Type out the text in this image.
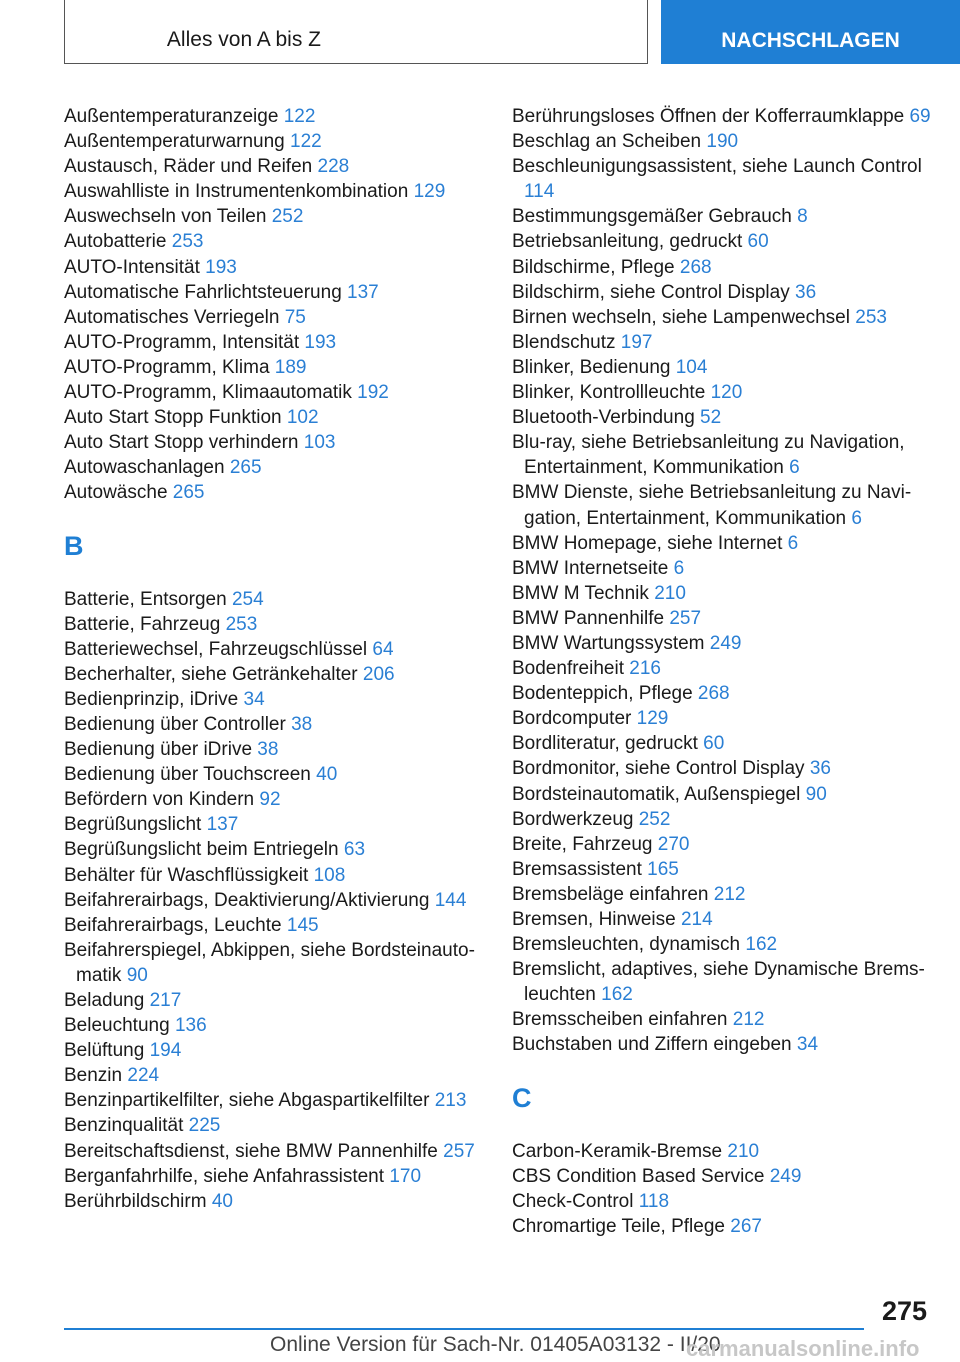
Alles von A bis Z	NACHSCHLAGEN
Außentemperaturanzeige 122
Außentemperaturwarnung 122
Austausch, Räder und Reifen 228
Auswahlliste in Instrumentenkombination 129
Auswechseln von Teilen 252
Autobatterie 253
AUTO-Intensität 193
Automatische Fahrlichtsteuerung 137
Automatisches Verriegeln 75
AUTO-Programm, Intensität 193
AUTO-Programm, Klima 189
AUTO-Programm, Klimaautomatik 192
Auto Start Stopp Funktion 102
Auto Start Stopp verhindern 103
Autowaschanlagen 265
Autowäsche 265
B
Batterie, Entsorgen 254
Batterie, Fahrzeug 253
Batteriewechsel, Fahrzeugschlüssel 64
Becherhalter, siehe Getränkehalter 206
Bedienprinzip, iDrive 34
Bedienung über Controller 38
Bedienung über iDrive 38
Bedienung über Touchscreen 40
Befördern von Kindern 92
Begrüßungslicht 137
Begrüßungslicht beim Entriegeln 63
Behälter für Waschflüssigkeit 108
Beifahrerairbags, Deaktivierung/Aktivierung 144
Beifahrerairbags, Leuchte 145
Beifahrerspiegel, Abkippen, siehe Bordsteinautomatik 90
Beladung 217
Beleuchtung 136
Belüftung 194
Benzin 224
Benzinpartikelfilter, siehe Abgaspartikelfilter 213
Benzinqualität 225
Bereitschaftsdienst, siehe BMW Pannenhilfe 257
Berganfahrhilfe, siehe Anfahrassistent 170
Berührbildschirm 40
Berührungsloses Öffnen der Kofferraumklappe 69
Beschlag an Scheiben 190
Beschleunigungsassistent, siehe Launch Control 114
Bestimmungsgemäßer Gebrauch 8
Betriebsanleitung, gedruckt 60
Bildschirme, Pflege 268
Bildschirm, siehe Control Display 36
Birnen wechseln, siehe Lampenwechsel 253
Blendschutz 197
Blinker, Bedienung 104
Blinker, Kontrollleuchte 120
Bluetooth-Verbindung 52
Blu-ray, siehe Betriebsanleitung zu Navigation, Entertainment, Kommunikation 6
BMW Dienste, siehe Betriebsanleitung zu Navigation, Entertainment, Kommunikation 6
BMW Homepage, siehe Internet 6
BMW Internetseite 6
BMW M Technik 210
BMW Pannenhilfe 257
BMW Wartungssystem 249
Bodenfreiheit 216
Bodenteppich, Pflege 268
Bordcomputer 129
Bordliteratur, gedruckt 60
Bordmonitor, siehe Control Display 36
Bordsteinautomatik, Außenspiegel 90
Bordwerkzeug 252
Breite, Fahrzeug 270
Bremsassistent 165
Bremsbeläge einfahren 212
Bremsen, Hinweise 214
Bremsleuchten, dynamisch 162
Bremslicht, adaptives, siehe Dynamische Bremsleuchten 162
Bremsscheiben einfahren 212
Buchstaben und Ziffern eingeben 34
C
Carbon-Keramik-Bremse 210
CBS Condition Based Service 249
Check-Control 118
Chromartige Teile, Pflege 267
275
Online Version für Sach-Nr. 01405A03132 - II/20
carmanualsonline.info
